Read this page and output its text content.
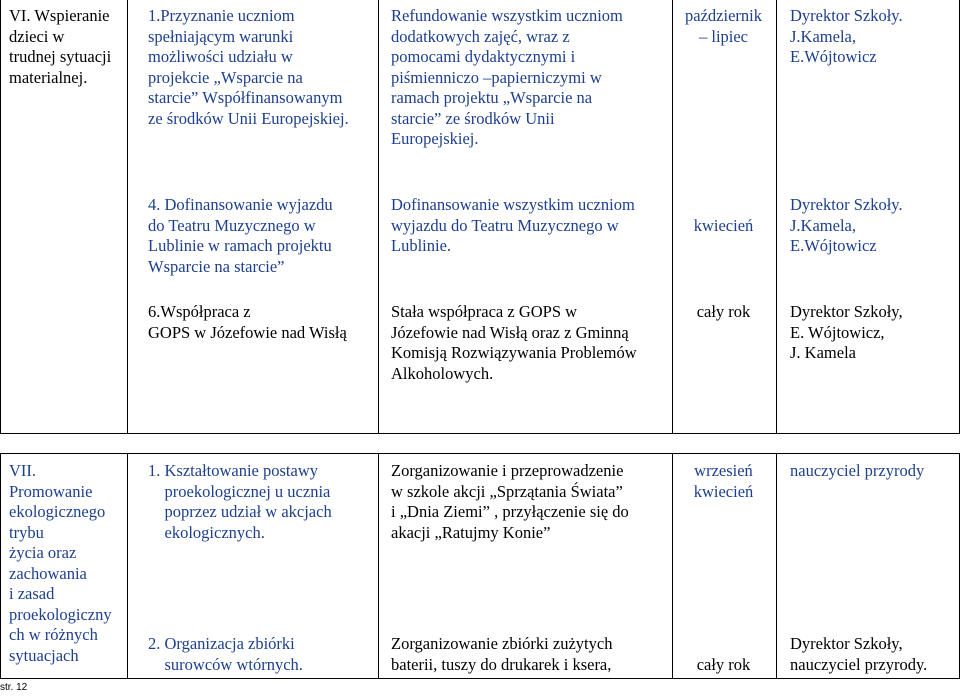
VI. Wspieranie
dzieci w
trudnej sytuacji
materialnej.
1.Przyznanie uczniom
spełniającym warunki
możliwości udziału w
projekcie „Wsparcie na
starcie” Współfinansowanym
ze środków Unii Europejskiej.
Refundowanie wszystkim uczniom
dodatkowych zajęć, wraz z
pomocami dydaktycznymi i
piśmienniczo –papierniczymi w
ramach projektu „Wsparcie na
starcie” ze środków Unii
Europejskiej.
październik
– lipiec
Dyrektor Szkoły.
J.Kamela,
E.Wójtowicz
4. Dofinansowanie wyjazdu
do Teatru Muzycznego w
Lublinie w ramach projektu
Wsparcie na starcie”
Dofinansowanie wszystkim uczniom
wyjazdu do Teatru Muzycznego w
Lublinie.
kwiecień
Dyrektor Szkoły.
J.Kamela,
E.Wójtowicz
6.Współpraca z
GOPS w Józefowie nad Wisłą
Stała współpraca z GOPS w
Józefowie nad Wisłą oraz z Gminną
Komisją Rozwiązywania Problemów
Alkoholowych.
cały rok	Dyrektor Szkoły,
E. Wójtowicz,
J. Kamela
VII.
Promowanie
ekologicznego
trybu
życia oraz
zachowania
i zasad
proekologiczny
ch w różnych
sytuacjach
1. Kształtowanie postawy
proekologicznej u ucznia
poprzez udział w akcjach
ekologicznych.
Zorganizowanie i przeprowadzenie
w szkole akcji „Sprzątania Świata”
i „Dnia Ziemi” , przyłączenie się do
akacji „Ratujmy Konie”
wrzesień
kwiecień
nauczyciel przyrody
2. Organizacja zbiórki
surowców wtórnych.
Zorganizowanie zbiórki zużytych
baterii, tuszy do drukarek i ksera,	cały rok
Dyrektor Szkoły,
nauczyciel przyrody.
str. 12
